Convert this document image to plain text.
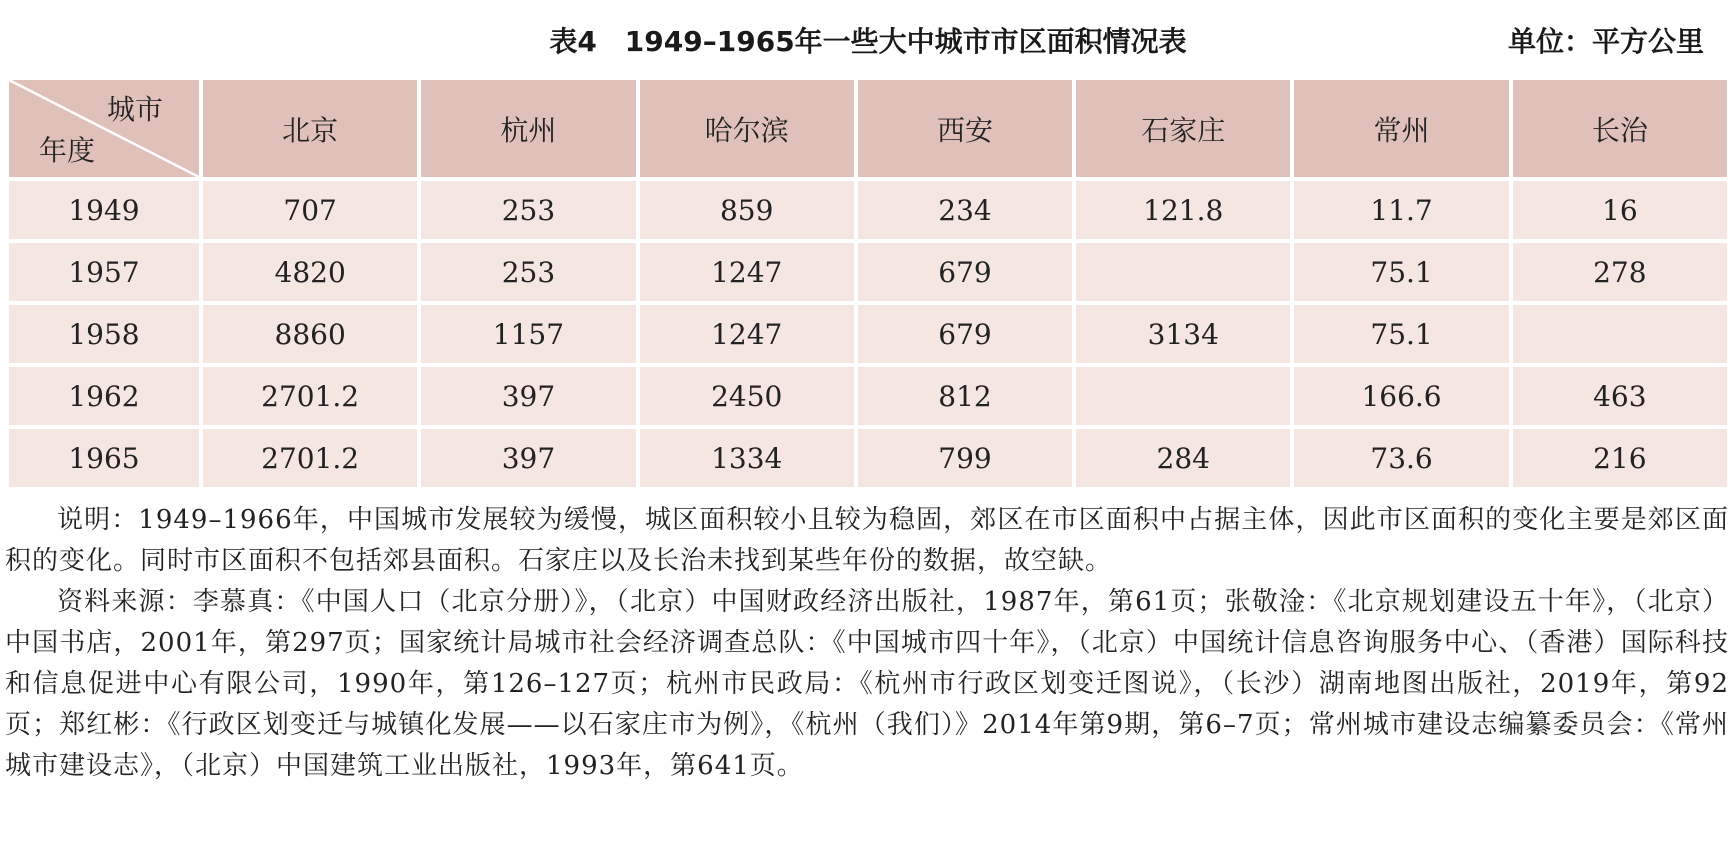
表4　1949–1965年一些大中城市市区面积情况表	单位：平方公里
城市
年度	北京	杭州	哈尔滨	西安	石家庄	常州	长治
1949	707	253	859	234	121.8	11.7	16
1957	4820	253	1247	679		75.1	278
1958	8860	1157	1247	679	3134	75.1	
1962	2701.2	397	2450	812		166.6	463
1965	2701.2	397	1334	799	284	73.6	216

说明：1949–1966年，中国城市发展较为缓慢，城区面积较小且较为稳固，郊区在市区面积中占据主体，因此市区面积的变化主要是郊区面积的变化。同时市区面积不包括郊县面积。石家庄以及长治未找到某些年份的数据，故空缺。

资料来源：李慕真：《中国人口（北京分册）》，（北京）中国财政经济出版社，1987年，第61页；张敬淦：《北京规划建设五十年》，（北京）中国书店，2001年，第297页；国家统计局城市社会经济调查总队：《中国城市四十年》，（北京）中国统计信息咨询服务中心、（香港）国际科技和信息促进中心有限公司，1990年，第126–127页；杭州市民政局：《杭州市行政区划变迁图说》，（长沙）湖南地图出版社，2019年，第92页；郑红彬：《行政区划变迁与城镇化发展——以石家庄市为例》，《杭州（我们）》2014年第9期，第6–7页；常州城市建设志编纂委员会：《常州城市建设志》，（北京）中国建筑工业出版社，1993年，第641页。
